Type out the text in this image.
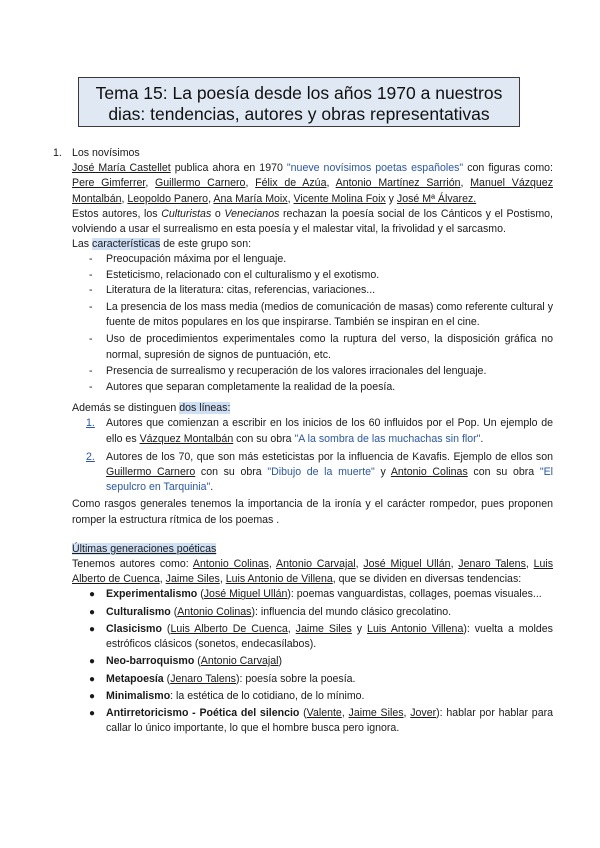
Tema 15: La poesía desde los años 1970 a nuestros
dias: tendencias, autores y obras representativas

1. Los novísimos

José María Castellet publica ahora en 1970 "nueve novísimos poetas españoles" con figuras como: Pere Gimferrer, Guillermo Carnero, Félix de Azúa, Antonio Martínez Sarrión, Manuel Vázquez Montalbán, Leopoldo Panero, Ana María Moix, Vicente Molina Foix y José Mª Álvarez.

Estos autores, los Culturistas o Venecianos rechazan la poesía social de los Cánticos y el Postismo, volviendo a usar el surrealismo en esta poesía y el malestar vital, la frivolidad y el sarcasmo.

Las características de este grupo son:

- Preocupación máxima por el lenguaje.

- Esteticismo, relacionado con el culturalismo y el exotismo.

- Literatura de la literatura: citas, referencias, variaciones...

- La presencia de los mass media (medios de comunicación de masas) como referente cultural y fuente de mitos populares en los que inspirarse. También se inspiran en el cine.

- Uso de procedimientos experimentales como la ruptura del verso, la disposición gráfica no normal, supresión de signos de puntuación, etc.

- Presencia de surrealismo y recuperación de los valores irracionales del lenguaje.

- Autores que separan completamente la realidad de la poesía.

Además se distinguen dos líneas:

1. Autores que comienzan a escribir en los inicios de los 60 influidos por el Pop. Un ejemplo de ello es Vázquez Montalbán con su obra "A la sombra de las muchachas sin flor".

2. Autores de los 70, que son más esteticistas por la influencia de Kavafis. Ejemplo de ellos son Guillermo Carnero con su obra "Dibujo de la muerte" y Antonio Colinas con su obra "El sepulcro en Tarquinia".

Como rasgos generales tenemos la importancia de la ironía y el carácter rompedor, pues proponen romper la estructura rítmica de los poemas .

Últimas generaciones poéticas

Tenemos autores como: Antonio Colinas, Antonio Carvajal, José Miguel Ullán, Jenaro Talens, Luis Alberto de Cuenca, Jaime Siles, Luis Antonio de Villena, que se dividen en diversas tendencias:

● Experimentalismo (José Miguel Ullán): poemas vanguardistas, collages, poemas visuales...

● Culturalismo (Antonio Colinas): influencia del mundo clásico grecolatino.

● Clasicismo (Luis Alberto De Cuenca, Jaime Siles y Luis Antonio Villena): vuelta a moldes estróficos clásicos (sonetos, endecasílabos).

● Neo-barroquismo (Antonio Carvajal)

● Metapoesía (Jenaro Talens): poesía sobre la poesía.

● Minimalismo: la estética de lo cotidiano, de lo mínimo.

● Antirretoricismo - Poética del silencio (Valente, Jaime Siles, Jover): hablar por hablar para callar lo único importante, lo que el hombre busca pero ignora.
